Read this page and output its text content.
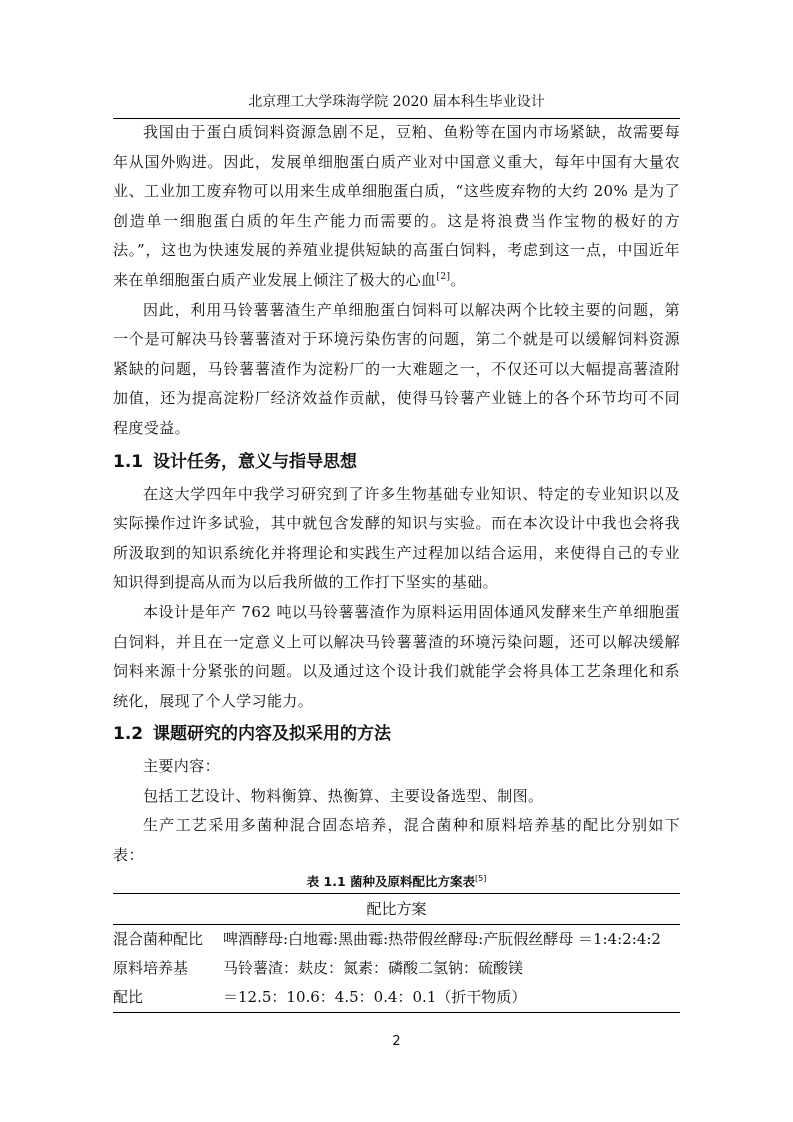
北京理工大学珠海学院 2020 届本科生毕业设计

我国由于蛋白质饲料资源急剧不足，豆粕、鱼粉等在国内市场紧缺，故需要每年从国外购进。因此，发展单细胞蛋白质产业对中国意义重大，每年中国有大量农业、工业加工废弃物可以用来生成单细胞蛋白质，“这些废弃物的大约 20% 是为了创造单一细胞蛋白质的年生产能力而需要的。这是将浪费当作宝物的极好的方法。”，这也为快速发展的养殖业提供短缺的高蛋白饲料，考虑到这一点，中国近年来在单细胞蛋白质产业发展上倾注了极大的心血[2]。

因此，利用马铃薯薯渣生产单细胞蛋白饲料可以解决两个比较主要的问题，第一个是可解决马铃薯薯渣对于环境污染伤害的问题，第二个就是可以缓解饲料资源紧缺的问题，马铃薯薯渣作为淀粉厂的一大难题之一，不仅还可以大幅提高薯渣附加值，还为提高淀粉厂经济效益作贡献，使得马铃薯产业链上的各个环节均可不同程度受益。

1.1 设计任务，意义与指导思想

在这大学四年中我学习研究到了许多生物基础专业知识、特定的专业知识以及实际操作过许多试验，其中就包含发酵的知识与实验。而在本次设计中我也会将我所汲取到的知识系统化并将理论和实践生产过程加以结合运用，来使得自己的专业知识得到提高从而为以后我所做的工作打下坚实的基础。

本设计是年产 762 吨以马铃薯薯渣作为原料运用固体通风发酵来生产单细胞蛋白饲料，并且在一定意义上可以解决马铃薯薯渣的环境污染问题，还可以解决缓解饲料来源十分紧张的问题。以及通过这个设计我们就能学会将具体工艺条理化和系统化，展现了个人学习能力。

1.2 课题研究的内容及拟采用的方法

主要内容：

包括工艺设计、物料衡算、热衡算、主要设备选型、制图。

生产工艺采用多菌种混合固态培养，混合菌种和原料培养基的配比分别如下表：

表 1.1 菌种及原料配比方案表[5]
配比方案
混合菌种配比	啤酒酵母:白地霉:黑曲霉:热带假丝酵母:产朊假丝酵母 ＝1:4:2:4:2
原料培养基	马铃薯渣：麸皮：氮素：磷酸二氢钠：硫酸镁
配比	＝12.5：10.6：4.5：0.4：0.1（折干物质）
2
